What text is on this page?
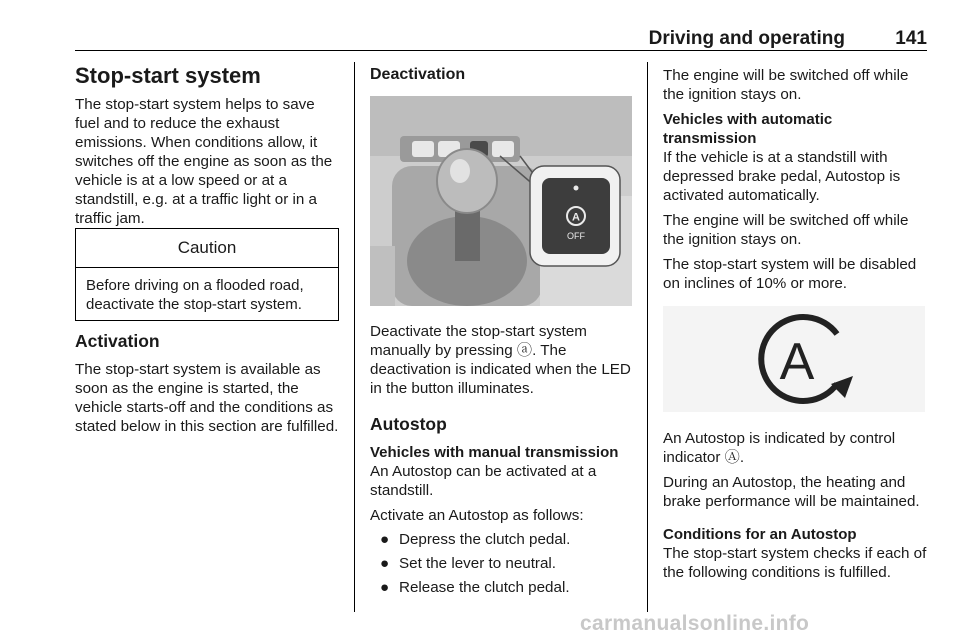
Driving and operating	141
Stop-start system

The stop-start system helps to save fuel and to reduce the exhaust emissions. When conditions allow, it switches off the engine as soon as the vehicle is at a low speed or at a standstill, e.g. at a traffic light or in a traffic jam.

Caution
Before driving on a flooded road, deactivate the stop-start system.
Activation

The stop-start system is available as soon as the engine is started, the vehicle starts-off and the conditions as stated below in this section are fulfilled.

Deactivation
A
OFF

Deactivate the stop-start system manually by pressing ⓐ. The deactivation is indicated when the LED in the button illuminates.

Autostop
Vehicles with manual transmission

An Autostop can be activated at a standstill.

Activate an Autostop as follows:

● Depress the clutch pedal.
● Set the lever to neutral.
● Release the clutch pedal.

The engine will be switched off while the ignition stays on.

Vehicles with automatic transmission

If the vehicle is at a standstill with depressed brake pedal, Autostop is activated automatically.

The engine will be switched off while the ignition stays on.

The stop-start system will be disabled on inclines of 10% or more.

Indication
A

An Autostop is indicated by control indicator Ⓐ.

During an Autostop, the heating and brake performance will be maintained.

Conditions for an Autostop

The stop-start system checks if each of the following conditions is fulfilled.

carmanualsonline.info
